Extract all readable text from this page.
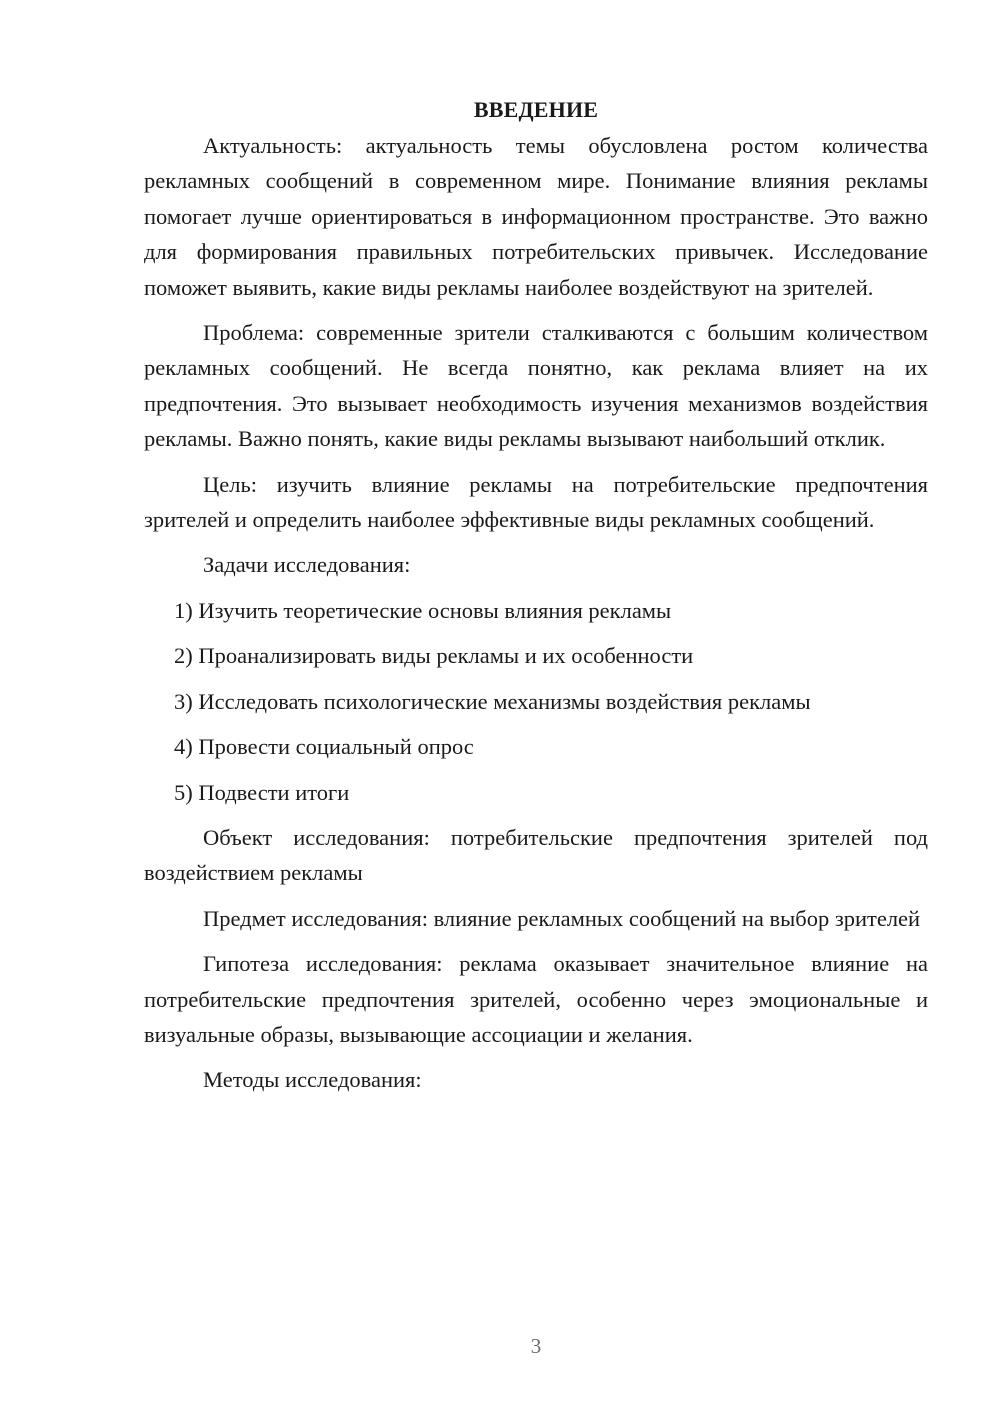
ВВЕДЕНИЕ

Актуальность: актуальность темы обусловлена ростом количества рекламных сообщений в современном мире. Понимание влияния рекламы помогает лучше ориентироваться в информационном пространстве. Это важно для формирования правильных потребительских привычек. Исследование поможет выявить, какие виды рекламы наиболее воздействуют на зрителей.

Проблема: современные зрители сталкиваются с большим количеством рекламных сообщений. Не всегда понятно, как реклама влияет на их предпочтения. Это вызывает необходимость изучения механизмов воздействия рекламы. Важно понять, какие виды рекламы вызывают наибольший отклик.

Цель: изучить влияние рекламы на потребительские предпочтения зрителей и определить наиболее эффективные виды рекламных сообщений.

Задачи исследования:

1) Изучить теоретические основы влияния рекламы
2) Проанализировать виды рекламы и их особенности
3) Исследовать психологические механизмы воздействия рекламы
4) Провести социальный опрос
5) Подвести итоги

Объект исследования: потребительские предпочтения зрителей под воздействием рекламы

Предмет исследования: влияние рекламных сообщений на выбор зрителей

Гипотеза исследования: реклама оказывает значительное влияние на потребительские предпочтения зрителей, особенно через эмоциональные и визуальные образы, вызывающие ассоциации и желания.

Методы исследования:

3
